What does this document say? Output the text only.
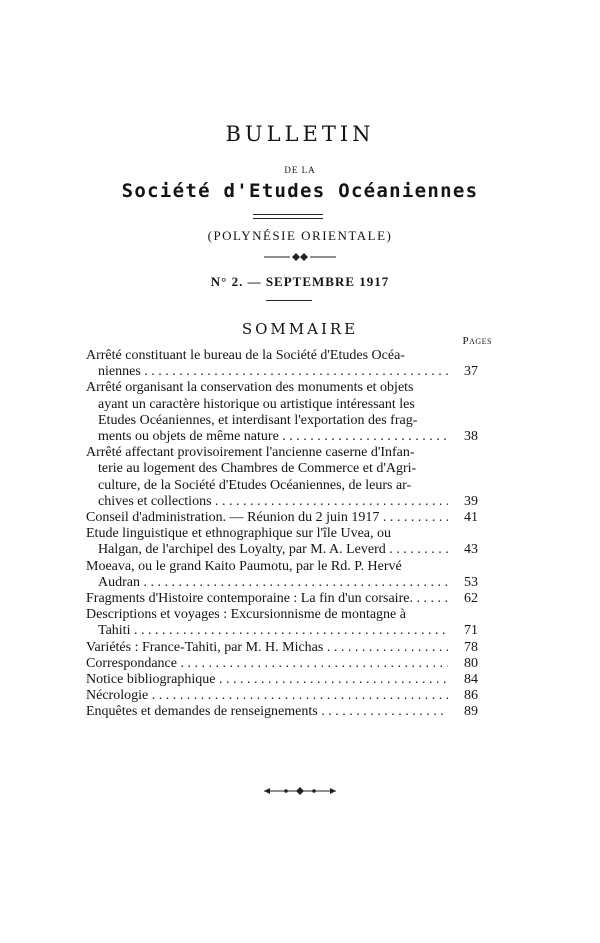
BULLETIN
DE LA
Société d'Etudes Océaniennes
(POLYNÉSIE ORIENTALE)
N° 2. — SEPTEMBRE 1917
SOMMAIRE
Pages
Arrêté constituant le bureau de la Société d'Etudes Océa-
niennes . . .	37
Arrêté organisant la conservation des monuments et objets
ayant un caractère historique ou artistique intéressant les
Etudes Océaniennes, et interdisant l'exportation des frag-
ments ou objets de même nature . . .	38
Arrêté affectant provisoirement l'ancienne caserne d'Infan-
terie au logement des Chambres de Commerce et d'Agri-
culture, de la Société d'Etudes Océaniennes, de leurs ar-
chives et collections . . .	39
Conseil d'administration. — Réunion du 2 juin 1917 . . .	41
Etude linguistique et ethnographique sur l'île Uvea, ou
Halgan, de l'archipel des Loyalty, par M. A. Leverd . . .	43
Moeava, ou le grand Kaito Paumotu, par le Rd. P. Hervé
Audran . . .	53
Fragments d'Histoire contemporaine : La fin d'un corsaire. . . .	62
Descriptions et voyages : Excursionnisme de montagne à
Tahiti . . .	71
Variétés : France-Tahiti, par M. H. Michas . . .	78
Correspondance . . .	80
Notice bibliographique . . .	84
Nécrologie . . .	86
Enquêtes et demandes de renseignements . . .	89
